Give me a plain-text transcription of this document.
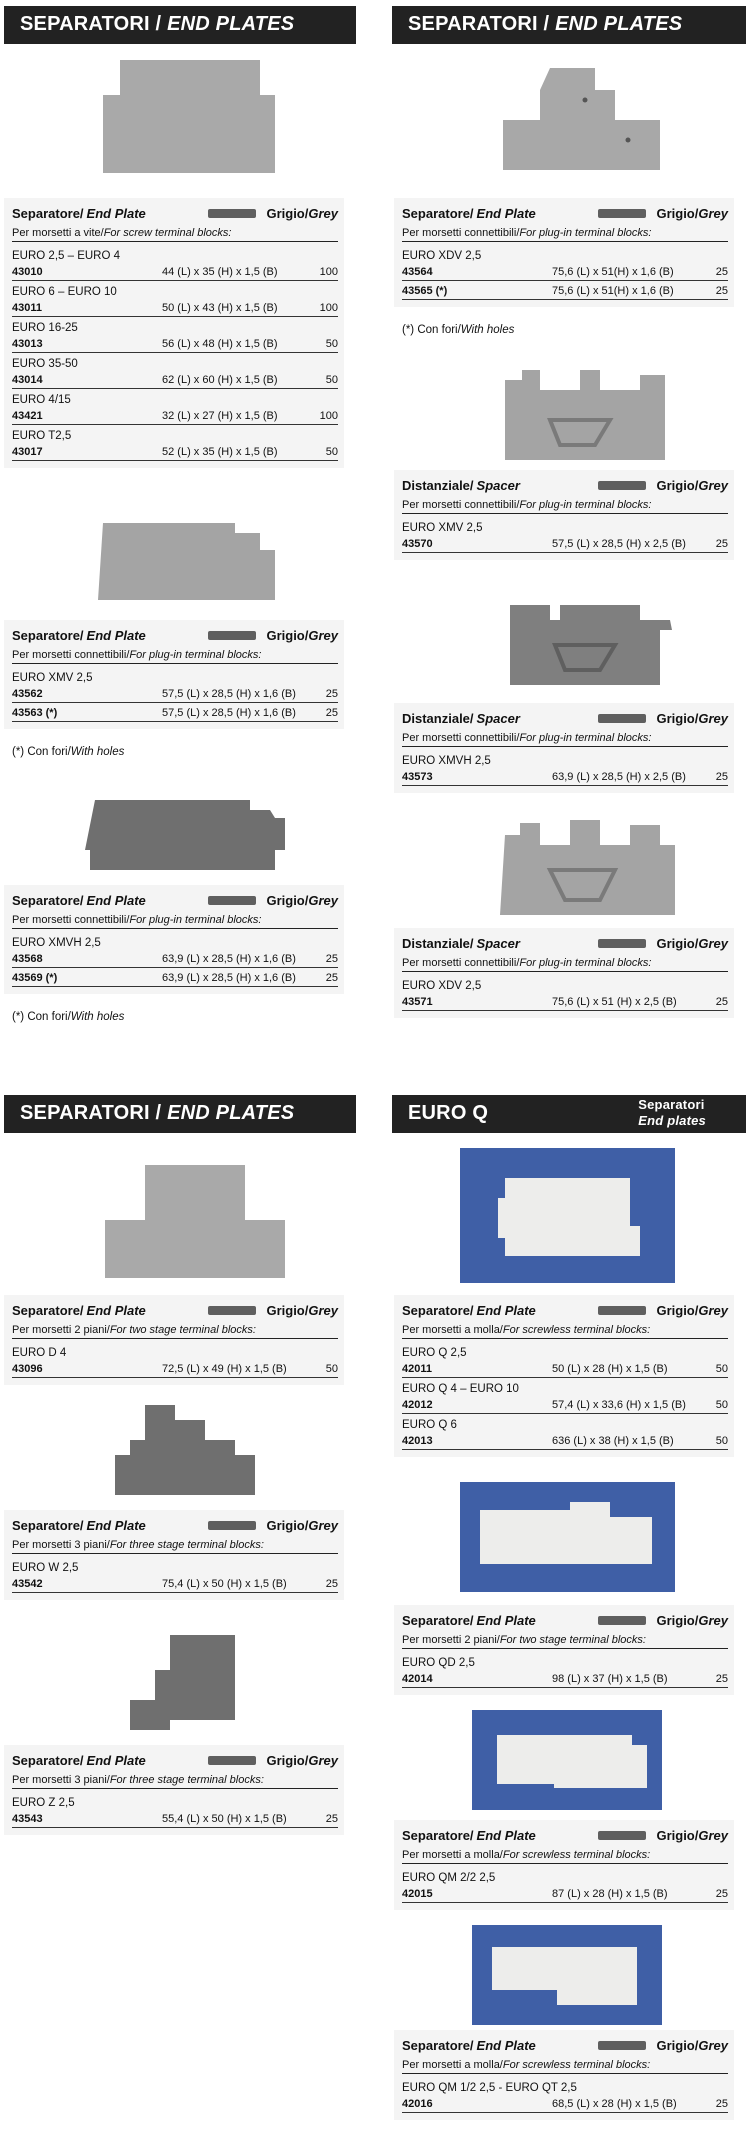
SEPARATORI / END PLATES	SEPARATORI / END PLATES
SEPARATORI / END PLATES	EURO Q	Separatori
End plates
Separatore/ End Plate	Grigio/Grey
Per morsetti a vite/For screw terminal blocks:
EURO 2,5 – EURO 4
43010	44 (L) x 35 (H) x 1,5 (B)	100
EURO 6 – EURO 10
43011	50 (L) x 43 (H) x 1,5 (B)	100
EURO 16-25
43013	56 (L) x 48 (H) x 1,5 (B)	50
EURO 35-50
43014	62 (L) x 60 (H) x 1,5 (B)	50
EURO 4/15
43421	32 (L) x 27 (H) x 1,5 (B)	100
EURO T2,5
43017	52 (L) x 35 (H) x 1,5 (B)	50
Separatore/ End Plate	Grigio/Grey
Per morsetti connettibili/For plug-in terminal blocks:
EURO XMV 2,5
43562	57,5 (L) x 28,5 (H) x 1,6 (B)	25
43563 (*)	57,5 (L) x 28,5 (H) x 1,6 (B)	25
(*) Con fori/With holes
Separatore/ End Plate	Grigio/Grey
Per morsetti connettibili/For plug-in terminal blocks:
EURO XMVH 2,5
43568	63,9 (L) x 28,5 (H) x 1,6 (B)	25
43569 (*)	63,9 (L) x 28,5 (H) x 1,6 (B)	25
(*) Con fori/With holes
Separatore/ End Plate	Grigio/Grey
Per morsetti connettibili/For plug-in terminal blocks:
EURO XDV 2,5
43564	75,6 (L) x 51(H) x 1,6 (B)	25
43565 (*)	75,6 (L) x 51(H) x 1,6 (B)	25
(*) Con fori/With holes
Distanziale/ Spacer	Grigio/Grey
Per morsetti connettibili/For plug-in terminal blocks:
EURO XMV 2,5
43570	57,5 (L) x 28,5 (H) x 2,5 (B)	25
Distanziale/ Spacer	Grigio/Grey
Per morsetti connettibili/For plug-in terminal blocks:
EURO XMVH 2,5
43573	63,9 (L) x 28,5 (H) x 2,5 (B)	25
Distanziale/ Spacer	Grigio/Grey
Per morsetti connettibili/For plug-in terminal blocks:
EURO XDV 2,5
43571	75,6 (L) x 51 (H) x 2,5 (B)	25
Separatore/ End Plate	Grigio/Grey
Per morsetti 2 piani/For two stage terminal blocks:
EURO D 4
43096	72,5 (L) x 49 (H) x 1,5 (B)	50
Separatore/ End Plate	Grigio/Grey
Per morsetti 3 piani/For three stage terminal blocks:
EURO W 2,5
43542	75,4 (L) x 50 (H) x 1,5 (B)	25
Separatore/ End Plate	Grigio/Grey
Per morsetti 3 piani/For three stage terminal blocks:
EURO Z 2,5
43543	55,4 (L) x 50 (H) x 1,5 (B)	25
Separatore/ End Plate	Grigio/Grey
Per morsetti a molla/For screwless terminal blocks:
EURO Q 2,5
42011	50 (L) x 28 (H) x 1,5 (B)	50
EURO Q 4 – EURO 10
42012	57,4 (L) x 33,6 (H) x 1,5 (B)	50
EURO Q 6
42013	636 (L) x 38 (H) x 1,5 (B)	50
Separatore/ End Plate	Grigio/Grey
Per morsetti 2 piani/For two stage terminal blocks:
EURO QD 2,5
42014	98 (L) x 37 (H) x 1,5 (B)	25
Separatore/ End Plate	Grigio/Grey
Per morsetti a molla/For screwless terminal blocks:
EURO QM 2/2 2,5
42015	87 (L) x 28 (H) x 1,5 (B)	25
Separatore/ End Plate	Grigio/Grey
Per morsetti a molla/For screwless terminal blocks:
EURO QM 1/2 2,5 - EURO QT 2,5
42016	68,5 (L) x 28 (H) x 1,5 (B)	25
